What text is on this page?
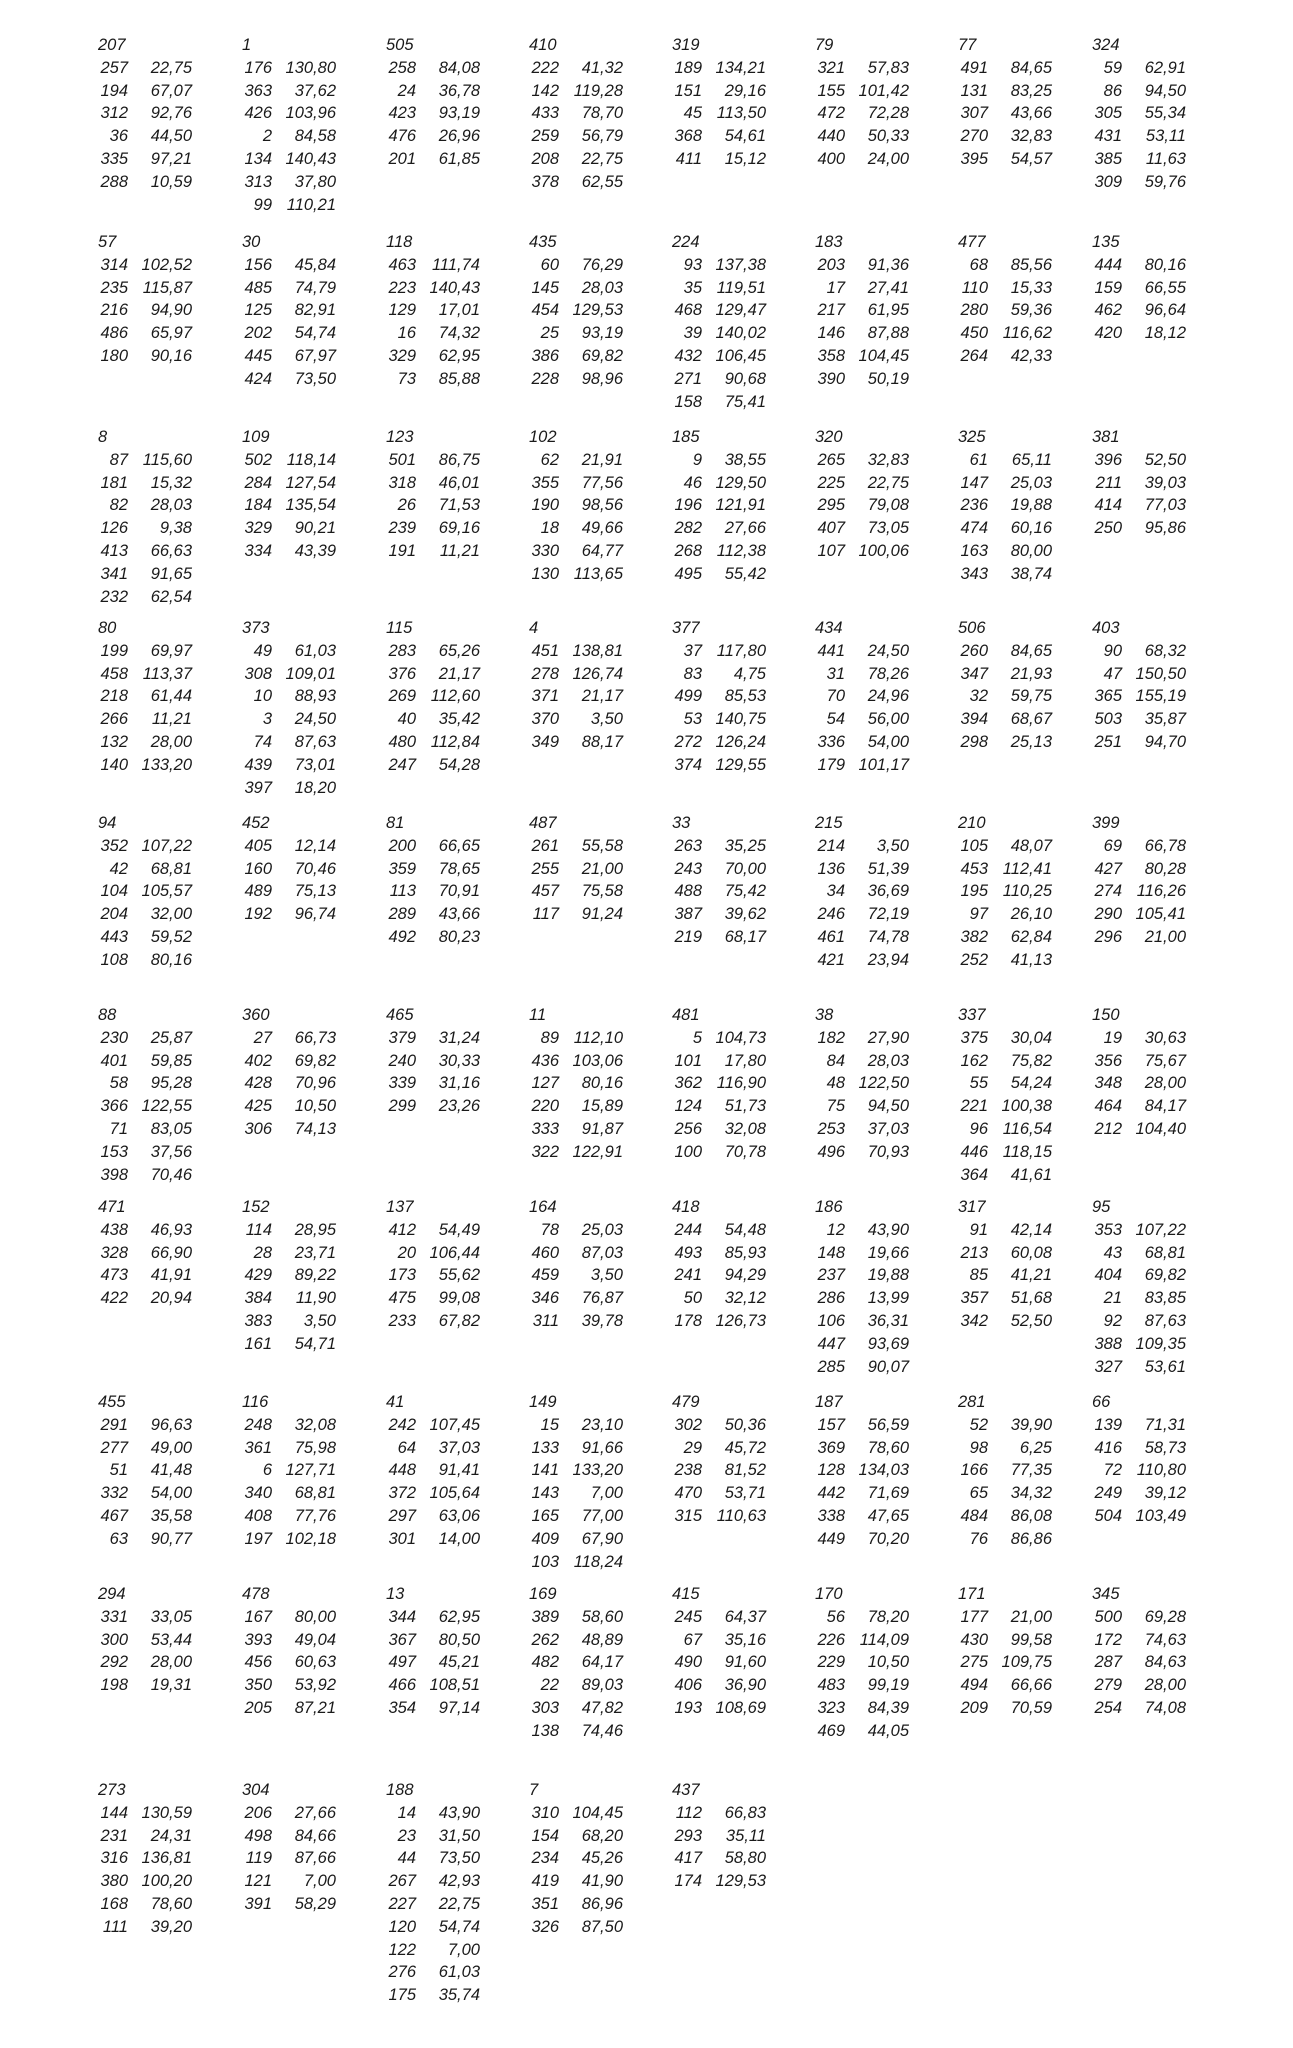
207
257	22,75
194	67,07
312	92,76
36	44,50
335	97,21
288	10,59
1
176 130,80
363	37,62
426 103,96
2	84,58
134 140,43
313	37,80
99 110,21
505
258	84,08
24	36,78
423	93,19
476	26,96
201	61,85
410
222	41,32
142 119,28
433	78,70
259	56,79
208	22,75
378	62,55
319
189 134,21
151	29,16
45 113,50
368	54,61
411	15,12
79
321	57,83
155 101,42
472	72,28
440	50,33
400	24,00
77
491	84,65
131	83,25
307	43,66
270	32,83
395	54,57
324
59	62,91
86	94,50
305	55,34
431	53,11
385	11,63
309	59,76
57
314 102,52
235 115,87
216	94,90
486	65,97
180	90,16
30
156	45,84
485	74,79
125	82,91
202	54,74
445	67,97
424	73,50
118
463 111,74
223 140,43
129	17,01
16	74,32
329	62,95
73	85,88
435
60	76,29
145	28,03
454 129,53
25	93,19
386	69,82
228	98,96
224
93 137,38
35 119,51
468 129,47
39 140,02
432 106,45
271	90,68
158	75,41
183
203	91,36
17	27,41
217	61,95
146	87,88
358 104,45
390	50,19
477
68	85,56
110	15,33
280	59,36
450 116,62
264	42,33
135
444	80,16
159	66,55
462	96,64
420	18,12
8
87 115,60
181	15,32
82	28,03
126	9,38
413	66,63
341	91,65
232	62,54
109
502 118,14
284 127,54
184 135,54
329	90,21
334	43,39
123
501	86,75
318	46,01
26	71,53
239	69,16
191	11,21
102
62	21,91
355	77,56
190	98,56
18	49,66
330	64,77
130 113,65
185
9	38,55
46 129,50
196 121,91
282	27,66
268 112,38
495	55,42
320
265	32,83
225	22,75
295	79,08
407	73,05
107 100,06
325
61	65,11
147	25,03
236	19,88
474	60,16
163	80,00
343	38,74
381
396	52,50
211	39,03
414	77,03
250	95,86
80
199	69,97
458 113,37
218	61,44
266	11,21
132	28,00
140 133,20
373
49	61,03
308 109,01
10	88,93
3	24,50
74	87,63
439	73,01
397	18,20
115
283	65,26
376	21,17
269 112,60
40	35,42
480 112,84
247	54,28
4
451 138,81
278 126,74
371	21,17
370	3,50
349	88,17
377
37 117,80
83	4,75
499	85,53
53 140,75
272 126,24
374 129,55
434
441	24,50
31	78,26
70	24,96
54	56,00
336	54,00
179 101,17
506
260	84,65
347	21,93
32	59,75
394	68,67
298	25,13
403
90	68,32
47 150,50
365 155,19
503	35,87
251	94,70
94
352 107,22
42	68,81
104 105,57
204	32,00
443	59,52
108	80,16
452
405	12,14
160	70,46
489	75,13
192	96,74
81
200	66,65
359	78,65
113	70,91
289	43,66
492	80,23
487
261	55,58
255	21,00
457	75,58
117	91,24
33
263	35,25
243	70,00
488	75,42
387	39,62
219	68,17
215
214	3,50
136	51,39
34	36,69
246	72,19
461	74,78
421	23,94
210
105	48,07
453 112,41
195 110,25
97	26,10
382	62,84
252	41,13
399
69	66,78
427	80,28
274 116,26
290 105,41
296	21,00
88
230	25,87
401	59,85
58	95,28
366 122,55
71	83,05
153	37,56
398	70,46
360
27	66,73
402	69,82
428	70,96
425	10,50
306	74,13
465
379	31,24
240	30,33
339	31,16
299	23,26
11
89 112,10
436 103,06
127	80,16
220	15,89
333	91,87
322 122,91
481
5 104,73
101	17,80
362 116,90
124	51,73
256	32,08
100	70,78
38
182	27,90
84	28,03
48 122,50
75	94,50
253	37,03
496	70,93
337
375	30,04
162	75,82
55	54,24
221 100,38
96 116,54
446 118,15
364	41,61
150
19	30,63
356	75,67
348	28,00
464	84,17
212 104,40
471
438	46,93
328	66,90
473	41,91
422	20,94
152
114	28,95
28	23,71
429	89,22
384	11,90
383	3,50
161	54,71
137
412	54,49
20 106,44
173	55,62
475	99,08
233	67,82
164
78	25,03
460	87,03
459	3,50
346	76,87
311	39,78
418
244	54,48
493	85,93
241	94,29
50	32,12
178 126,73
186
12	43,90
148	19,66
237	19,88
286	13,99
106	36,31
447	93,69
285	90,07
317
91	42,14
213	60,08
85	41,21
357	51,68
342	52,50
95
353 107,22
43	68,81
404	69,82
21	83,85
92	87,63
388 109,35
327	53,61
455
291	96,63
277	49,00
51	41,48
332	54,00
467	35,58
63	90,77
116
248	32,08
361	75,98
6 127,71
340	68,81
408	77,76
197 102,18
41
242 107,45
64	37,03
448	91,41
372 105,64
297	63,06
301	14,00
149
15	23,10
133	91,66
141 133,20
143	7,00
165	77,00
409	67,90
103 118,24
479
302	50,36
29	45,72
238	81,52
470	53,71
315 110,63
187
157	56,59
369	78,60
128 134,03
442	71,69
338	47,65
449	70,20
281
52	39,90
98	6,25
166	77,35
65	34,32
484	86,08
76	86,86
66
139	71,31
416	58,73
72 110,80
249	39,12
504 103,49
294
331	33,05
300	53,44
292	28,00
198	19,31
478
167	80,00
393	49,04
456	60,63
350	53,92
205	87,21
13
344	62,95
367	80,50
497	45,21
466 108,51
354	97,14
169
389	58,60
262	48,89
482	64,17
22	89,03
303	47,82
138	74,46
415
245	64,37
67	35,16
490	91,60
406	36,90
193 108,69
170
56	78,20
226 114,09
229	10,50
483	99,19
323	84,39
469	44,05
171
177	21,00
430	99,58
275 109,75
494	66,66
209	70,59
345
500	69,28
172	74,63
287	84,63
279	28,00
254	74,08
273
144 130,59
231	24,31
316 136,81
380 100,20
168	78,60
111	39,20
304
206	27,66
498	84,66
119	87,66
121	7,00
391	58,29
188
14	43,90
23	31,50
44	73,50
267	42,93
227	22,75
120	54,74
122	7,00
276	61,03
175	35,74
7
310 104,45
154	68,20
234	45,26
419	41,90
351	86,96
326	87,50
437
112	66,83
293	35,11
417	58,80
174 129,53
